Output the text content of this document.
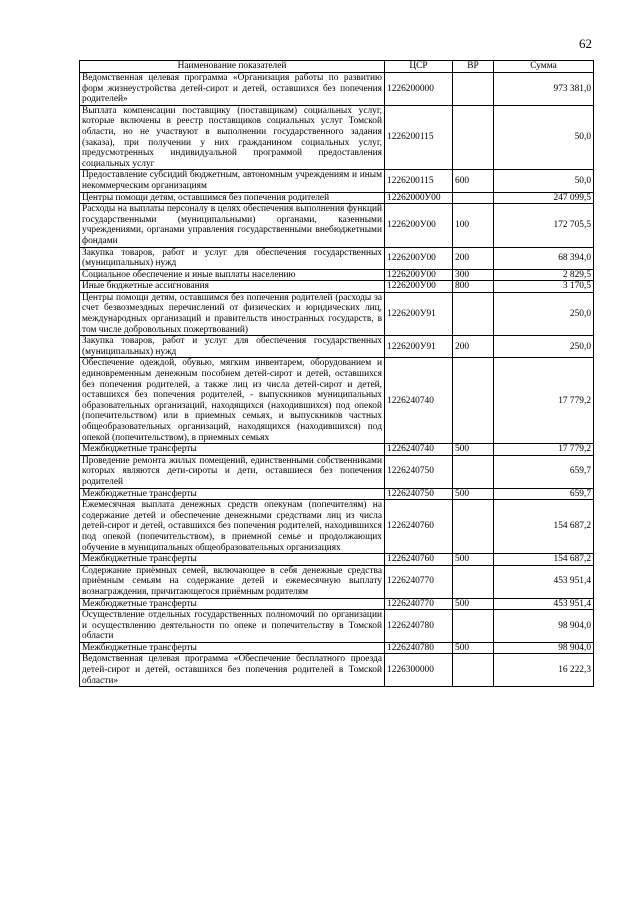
62
Наименование показателей	ЦСР	ВР	Сумма
Ведомственная целевая программа «Организация работы по развитию форм жизнеустройства детей-сирот и детей, оставшихся без попечения родителей»	1226200000		973 381,0
Выплата компенсации поставщику (поставщикам) социальных услуг, которые включены в реестр поставщиков социальных услуг Томской области, но не участвуют в выполнении государственного задания (заказа), при получении у них гражданином социальных услуг, предусмотренных индивидуальной программой предоставления социальных услуг	1226200115		50,0
Предоставление субсидий бюджетным, автономным учреждениям и иным некоммерческим организациям	1226200115	600	50,0
Центры помощи детям, оставшимся без попечения родителей	12262000У00		247 099,5
Расходы на выплаты персоналу в целях обеспечения выполнения функций государственными (муниципальными) органами, казенными учреждениями, органами управления государственными внебюджетными фондами	1226200У00	100	172 705,5
Закупка товаров, работ и услуг для обеспечения государственных (муниципальных) нужд	1226200У00	200	68 394,0
Социальное обеспечение и иные выплаты населению	1226200У00	300	2 829,5
Иные бюджетные ассигнования	1226200У00	800	3 170,5
Центры помощи детям, оставшимся без попечения родителей (расходы за счет безвозмездных перечислений от физических и юридических лиц, международных организаций и правительств иностранных государств, в том числе добровольных пожертвований)	1226200У91		250,0
Закупка товаров, работ и услуг для обеспечения государственных (муниципальных) нужд	1226200У91	200	250,0
Обеспечение одеждой, обувью, мягким инвентарем, оборудованием и единовременным денежным пособием детей-сирот и детей, оставшихся без попечения родителей, а также лиц из числа детей-сирот и детей, оставшихся без попечения родителей, - выпускников муниципальных образовательных организаций, находящихся (находившихся) под опекой (попечительством) или в приемных семьях, и выпускников частных общеобразовательных организаций, находящихся (находившихся) под опекой (попечительством), в приемных семьях	1226240740		17 779,2
Межбюджетные трансферты	1226240740	500	17 779,2
Проведение ремонта жилых помещений, единственными собственниками которых являются дети-сироты и дети, оставшиеся без попечения родителей	1226240750		659,7
Межбюджетные трансферты	1226240750	500	659,7
Ежемесячная выплата денежных средств опекунам (попечителям) на содержание детей и обеспечение денежными средствами лиц из числа детей-сирот и детей, оставшихся без попечения родителей, находившихся под опекой (попечительством), в приемной семье и продолжающих обучение в муниципальных общеобразовательных организациях	1226240760		154 687,2
Межбюджетные трансферты	1226240760	500	154 687,2
Содержание приёмных семей, включающее в себя денежные средства приёмным семьям на содержание детей и ежемесячную выплату вознаграждения, причитающегося приёмным родителям	1226240770		453 951,4
Межбюджетные трансферты	1226240770	500	453 951,4
Осуществление отдельных государственных полномочий по организации и осуществлению деятельности по опеке и попечительству в Томской области	1226240780		98 904,0
Межбюджетные трансферты	1226240780	500	98 904,0
Ведомственная целевая программа «Обеспечение бесплатного проезда детей-сирот и детей, оставшихся без попечения родителей в Томской области»	1226300000		16 222,3
